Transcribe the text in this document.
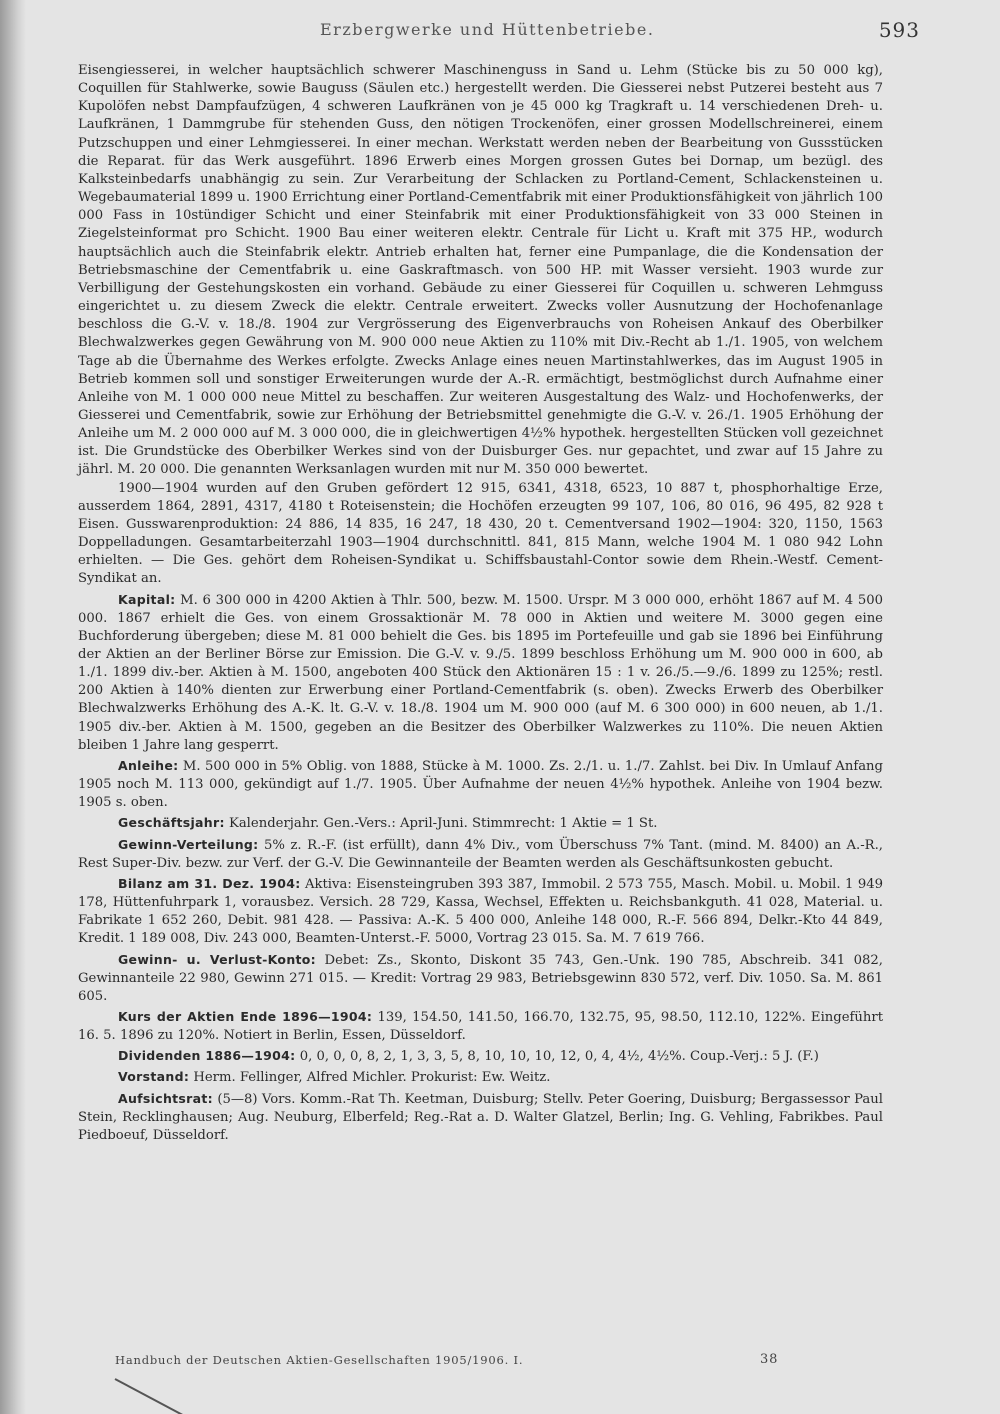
Erzbergwerke und Hüttenbetriebe.	593

Eisengiesserei, in welcher hauptsächlich schwerer Maschinenguss in Sand u. Lehm (Stücke bis zu 50 000 kg), Coquillen für Stahlwerke, sowie Bauguss (Säulen etc.) hergestellt werden. Die Giesserei nebst Putzerei besteht aus 7 Kupolöfen nebst Dampfaufzügen, 4 schweren Laufkränen von je 45 000 kg Tragkraft u. 14 verschiedenen Dreh- u. Laufkränen, 1 Dammgrube für stehenden Guss, den nötigen Trockenöfen, einer grossen Modellschreinerei, einem Putzschuppen und einer Lehmgiesserei. In einer mechan. Werkstatt werden neben der Bearbeitung von Gussstücken die Reparat. für das Werk ausgeführt. 1896 Erwerb eines Morgen grossen Gutes bei Dornap, um bezügl. des Kalksteinbedarfs unabhängig zu sein. Zur Verarbeitung der Schlacken zu Portland-Cement, Schlackensteinen u. Wegebaumaterial 1899 u. 1900 Errichtung einer Portland-Cementfabrik mit einer Produktionsfähigkeit von jährlich 100 000 Fass in 10stündiger Schicht und einer Steinfabrik mit einer Produktionsfähigkeit von 33 000 Steinen in Ziegelsteinformat pro Schicht. 1900 Bau einer weiteren elektr. Centrale für Licht u. Kraft mit 375 HP., wodurch hauptsächlich auch die Steinfabrik elektr. Antrieb erhalten hat, ferner eine Pumpanlage, die die Kondensation der Betriebsmaschine der Cementfabrik u. eine Gaskraftmasch. von 500 HP. mit Wasser versieht. 1903 wurde zur Verbilligung der Gestehungskosten ein vorhand. Gebäude zu einer Giesserei für Coquillen u. schweren Lehmguss eingerichtet u. zu diesem Zweck die elektr. Centrale erweitert. Zwecks voller Ausnutzung der Hochofenanlage beschloss die G.-V. v. 18./8. 1904 zur Vergrösserung des Eigenverbrauchs von Roheisen Ankauf des Oberbilker Blechwalzwerkes gegen Gewährung von M. 900 000 neue Aktien zu 110% mit Div.-Recht ab 1./1. 1905, von welchem Tage ab die Übernahme des Werkes erfolgte. Zwecks Anlage eines neuen Martinstahlwerkes, das im August 1905 in Betrieb kommen soll und sonstiger Erweiterungen wurde der A.-R. ermächtigt, bestmöglichst durch Aufnahme einer Anleihe von M. 1 000 000 neue Mittel zu beschaffen. Zur weiteren Ausgestaltung des Walz- und Hochofenwerks, der Giesserei und Cementfabrik, sowie zur Erhöhung der Betriebsmittel genehmigte die G.-V. v. 26./1. 1905 Erhöhung der Anleihe um M. 2 000 000 auf M. 3 000 000, die in gleichwertigen 4½% hypothek. hergestellten Stücken voll gezeichnet ist. Die Grundstücke des Oberbilker Werkes sind von der Duisburger Ges. nur gepachtet, und zwar auf 15 Jahre zu jährl. M. 20 000. Die genannten Werksanlagen wurden mit nur M. 350 000 bewertet.

1900—1904 wurden auf den Gruben gefördert 12 915, 6341, 4318, 6523, 10 887 t, phosphorhaltige Erze, ausserdem 1864, 2891, 4317, 4180 t Roteisenstein; die Hochöfen erzeugten 99 107, 106, 80 016, 96 495, 82 928 t Eisen. Gusswarenproduktion: 24 886, 14 835, 16 247, 18 430, 20 t. Cementversand 1902—1904: 320, 1150, 1563 Doppelladungen. Gesamtarbeiterzahl 1903—1904 durchschnittl. 841, 815 Mann, welche 1904 M. 1 080 942 Lohn erhielten. — Die Ges. gehört dem Roheisen-Syndikat u. Schiffsbaustahl-Contor sowie dem Rhein.-Westf. Cement-Syndikat an.

Kapital: M. 6 300 000 in 4200 Aktien à Thlr. 500, bezw. M. 1500. Urspr. M 3 000 000, erhöht 1867 auf M. 4 500 000. 1867 erhielt die Ges. von einem Grossaktionär M. 78 000 in Aktien und weitere M. 3000 gegen eine Buchforderung übergeben; diese M. 81 000 behielt die Ges. bis 1895 im Portefeuille und gab sie 1896 bei Einführung der Aktien an der Berliner Börse zur Emission. Die G.-V. v. 9./5. 1899 beschloss Erhöhung um M. 900 000 in 600, ab 1./1. 1899 div.-ber. Aktien à M. 1500, angeboten 400 Stück den Aktionären 15 : 1 v. 26./5.—9./6. 1899 zu 125%; restl. 200 Aktien à 140% dienten zur Erwerbung einer Portland-Cementfabrik (s. oben). Zwecks Erwerb des Oberbilker Blechwalzwerks Erhöhung des A.-K. lt. G.-V. v. 18./8. 1904 um M. 900 000 (auf M. 6 300 000) in 600 neuen, ab 1./1. 1905 div.-ber. Aktien à M. 1500, gegeben an die Besitzer des Oberbilker Walzwerkes zu 110%. Die neuen Aktien bleiben 1 Jahre lang gesperrt.

Anleihe: M. 500 000 in 5% Oblig. von 1888, Stücke à M. 1000. Zs. 2./1. u. 1./7. Zahlst. bei Div. In Umlauf Anfang 1905 noch M. 113 000, gekündigt auf 1./7. 1905. Über Aufnahme der neuen 4½% hypothek. Anleihe von 1904 bezw. 1905 s. oben.

Geschäftsjahr: Kalenderjahr. Gen.-Vers.: April-Juni. Stimmrecht: 1 Aktie = 1 St.

Gewinn-Verteilung: 5% z. R.-F. (ist erfüllt), dann 4% Div., vom Überschuss 7% Tant. (mind. M. 8400) an A.-R., Rest Super-Div. bezw. zur Verf. der G.-V. Die Gewinnanteile der Beamten werden als Geschäftsunkosten gebucht.

Bilanz am 31. Dez. 1904: Aktiva: Eisensteingruben 393 387, Immobil. 2 573 755, Masch. Mobil. u. Mobil. 1 949 178, Hüttenfuhrpark 1, vorausbez. Versich. 28 729, Kassa, Wechsel, Effekten u. Reichsbankguth. 41 028, Material. u. Fabrikate 1 652 260, Debit. 981 428. — Passiva: A.-K. 5 400 000, Anleihe 148 000, R.-F. 566 894, Delkr.-Kto 44 849, Kredit. 1 189 008, Div. 243 000, Beamten-Unterst.-F. 5000, Vortrag 23 015. Sa. M. 7 619 766.

Gewinn- u. Verlust-Konto: Debet: Zs., Skonto, Diskont 35 743, Gen.-Unk. 190 785, Abschreib. 341 082, Gewinnanteile 22 980, Gewinn 271 015. — Kredit: Vortrag 29 983, Betriebsgewinn 830 572, verf. Div. 1050. Sa. M. 861 605.

Kurs der Aktien Ende 1896—1904: 139, 154.50, 141.50, 166.70, 132.75, 95, 98.50, 112.10, 122%. Eingeführt 16. 5. 1896 zu 120%. Notiert in Berlin, Essen, Düsseldorf.

Dividenden 1886—1904: 0, 0, 0, 0, 8, 2, 1, 3, 3, 5, 8, 10, 10, 10, 12, 0, 4, 4½, 4½%. Coup.-Verj.: 5 J. (F.)

Vorstand: Herm. Fellinger, Alfred Michler. Prokurist: Ew. Weitz.

Aufsichtsrat: (5—8) Vors. Komm.-Rat Th. Keetman, Duisburg; Stellv. Peter Goering, Duisburg; Bergassessor Paul Stein, Recklinghausen; Aug. Neuburg, Elberfeld; Reg.-Rat a. D. Walter Glatzel, Berlin; Ing. G. Vehling, Fabrikbes. Paul Piedboeuf, Düsseldorf.

Handbuch der Deutschen Aktien-Gesellschaften 1905/1906. I.	38
